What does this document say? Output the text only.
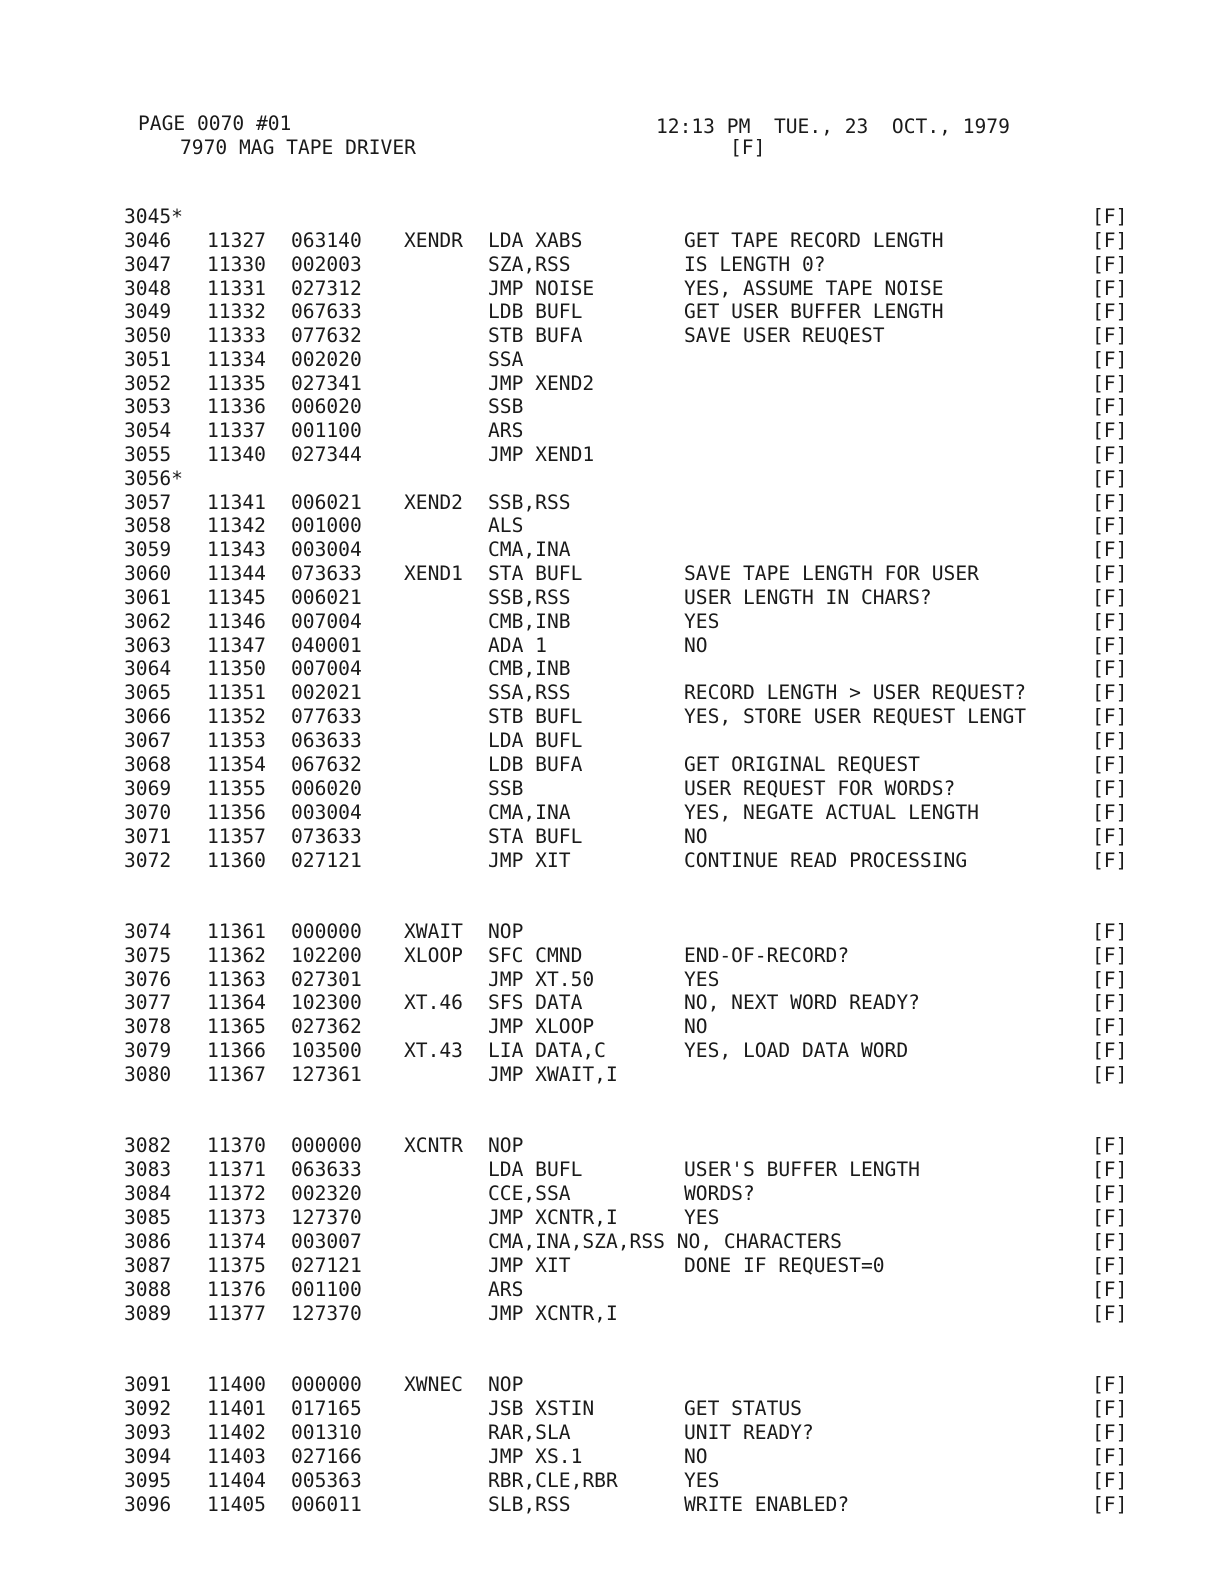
PAGE 0070 #01
7970 MAG TAPE DRIVER
12:13 PM  TUE., 23  OCT., 1979
[F]
3045*	[F]
3046 11327 063140 XENDR LDA XABS	GET TAPE RECORD LENGTH	[F]
3047 11330 002003	SZA,RSS	IS LENGTH 0?	[F]
3048 11331 027312	JMP NOISE	YES, ASSUME TAPE NOISE	[F]
3049 11332 067633	LDB BUFL	GET USER BUFFER LENGTH	[F]
3050 11333 077632	STB BUFA	SAVE USER REUQEST	[F]
3051 11334 002020	SSA	[F]
3052 11335 027341	JMP XEND2	[F]
3053 11336 006020	SSB	[F]
3054 11337 001100	ARS	[F]
3055 11340 027344	JMP XEND1	[F]
3056*	[F]
3057 11341 006021 XEND2 SSB,RSS	[F]
3058 11342 001000	ALS	[F]
3059 11343 003004	CMA,INA	[F]
3060 11344 073633 XEND1 STA BUFL	SAVE TAPE LENGTH FOR USER	[F]
3061 11345 006021	SSB,RSS	USER LENGTH IN CHARS?	[F]
3062 11346 007004	CMB,INB	YES	[F]
3063 11347 040001	ADA 1	NO	[F]
3064 11350 007004	CMB,INB	[F]
3065 11351 002021	SSA,RSS	RECORD LENGTH > USER REQUEST?	[F]
3066 11352 077633	STB BUFL	YES, STORE USER REQUEST LENGT	[F]
3067 11353 063633	LDA BUFL	[F]
3068 11354 067632	LDB BUFA	GET ORIGINAL REQUEST	[F]
3069 11355 006020	SSB	USER REQUEST FOR WORDS?	[F]
3070 11356 003004	CMA,INA	YES, NEGATE ACTUAL LENGTH	[F]
3071 11357 073633	STA BUFL	NO	[F]
3072 11360 027121	JMP XIT	CONTINUE READ PROCESSING	[F]
3074 11361 000000 XWAIT NOP	[F]
3075 11362 102200 XLOOP SFC CMND	END-OF-RECORD?	[F]
3076 11363 027301	JMP XT.50	YES	[F]
3077 11364 102300 XT.46 SFS DATA	NO, NEXT WORD READY?	[F]
3078 11365 027362	JMP XLOOP	NO	[F]
3079 11366 103500 XT.43 LIA DATA,C	YES, LOAD DATA WORD	[F]
3080 11367 127361	JMP XWAIT,I	[F]
3082 11370 000000 XCNTR NOP	[F]
3083 11371 063633	LDA BUFL	USER'S BUFFER LENGTH	[F]
3084 11372 002320	CCE,SSA	WORDS?	[F]
3085 11373 127370	JMP XCNTR,I	YES	[F]
3086 11374 003007	CMA,INA,SZA,RSS NO, CHARACTERS	[F]
3087 11375 027121	JMP XIT	DONE IF REQUEST=0	[F]
3088 11376 001100	ARS	[F]
3089 11377 127370	JMP XCNTR,I	[F]
3091 11400 000000 XWNEC NOP	[F]
3092 11401 017165	JSB XSTIN	GET STATUS	[F]
3093 11402 001310	RAR,SLA	UNIT READY?	[F]
3094 11403 027166	JMP XS.1	NO	[F]
3095 11404 005363	RBR,CLE,RBR	YES	[F]
3096 11405 006011	SLB,RSS	WRITE ENABLED?	[F]
